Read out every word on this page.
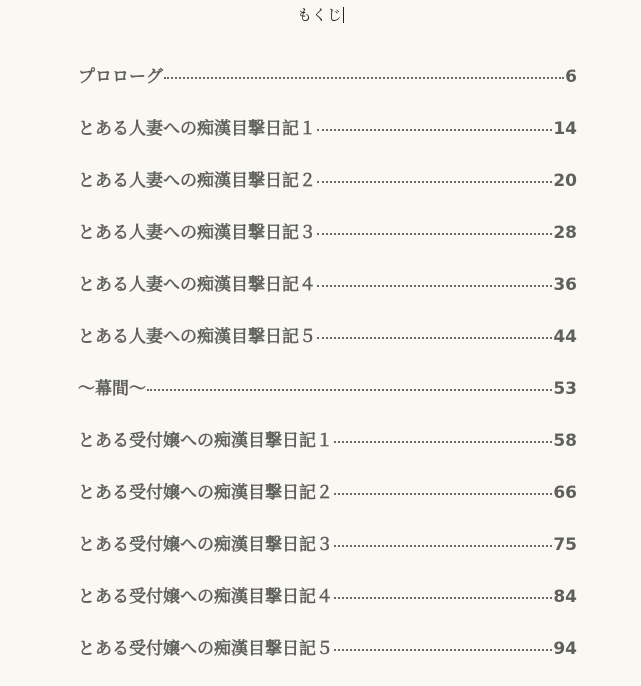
もくじ
プロローグ	6
とある人妻への痴漢目撃日記１	14
とある人妻への痴漢目撃日記２	20
とある人妻への痴漢目撃日記３	28
とある人妻への痴漢目撃日記４	36
とある人妻への痴漢目撃日記５	44
〜幕間〜	53
とある受付嬢への痴漢目撃日記１	58
とある受付嬢への痴漢目撃日記２	66
とある受付嬢への痴漢目撃日記３	75
とある受付嬢への痴漢目撃日記４	84
とある受付嬢への痴漢目撃日記５	94
